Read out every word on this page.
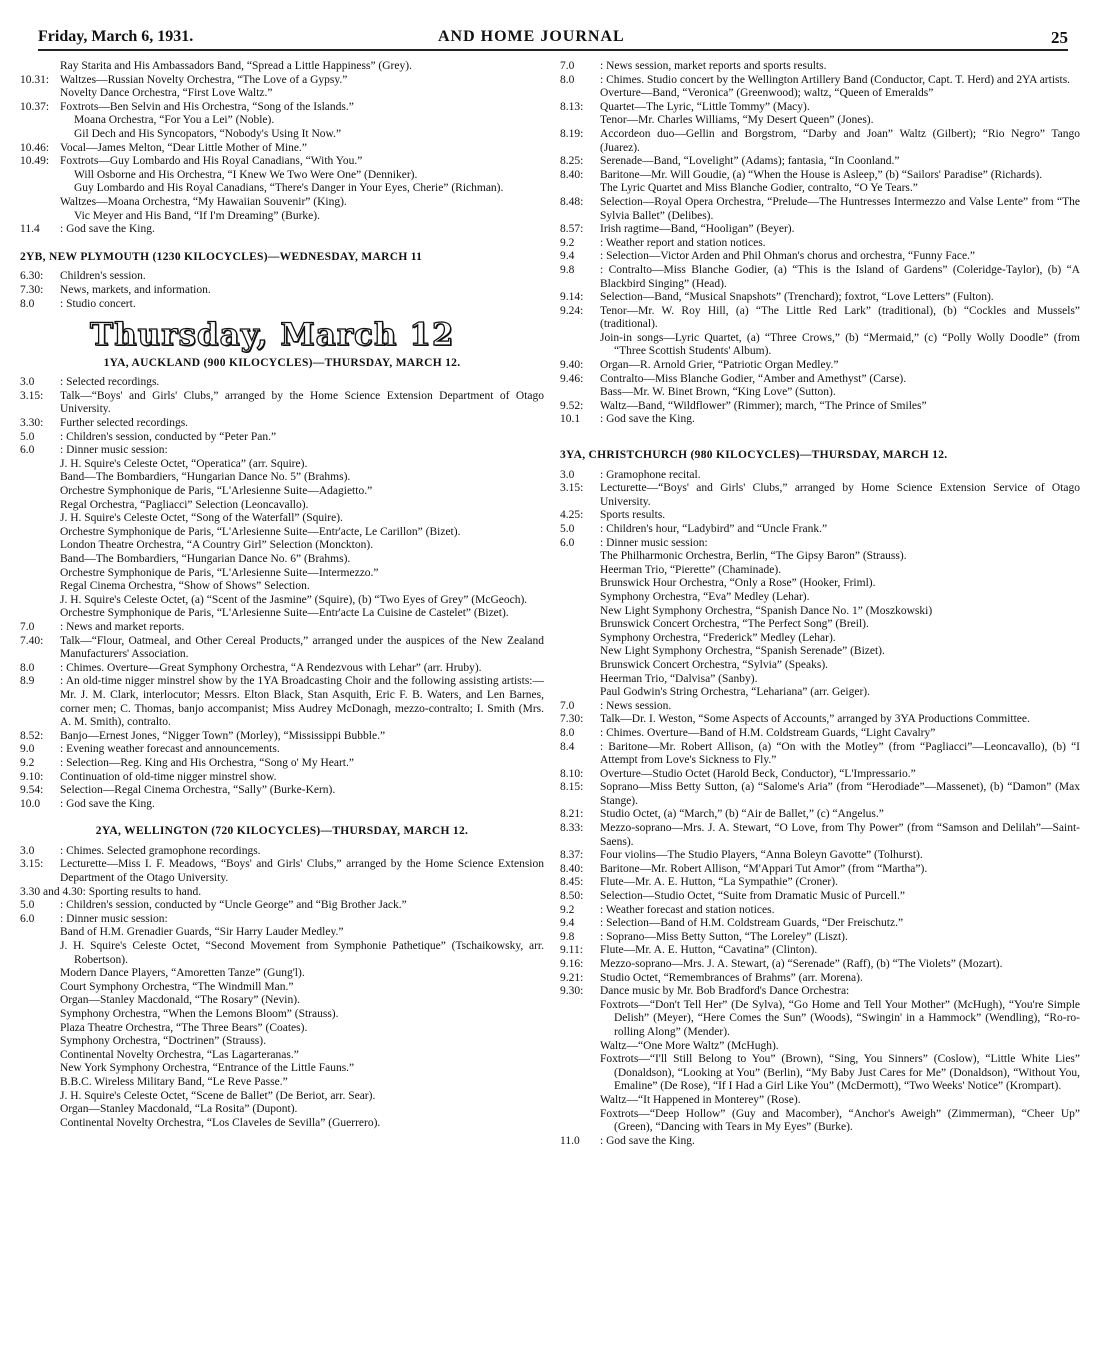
Friday, March 6, 1931.	AND HOME JOURNAL	25
Ray Starita and His Ambassadors Band, “Spread a Little Happiness” (Grey).
10.31: Waltzes—Russian Novelty Orchestra, “The Love of a Gypsy.”
Novelty Dance Orchestra, “First Love Waltz.”
10.37: Foxtrots—Ben Selvin and His Orchestra, “Song of the Islands.”
Moana Orchestra, “For You a Lei” (Noble).
Gil Dech and His Syncopators, “Nobody's Using It Now.”
10.46: Vocal—James Melton, “Dear Little Mother of Mine.”
10.49: Foxtrots—Guy Lombardo and His Royal Canadians, “With You.”
Will Osborne and His Orchestra, “I Knew We Two Were One” (Denniker).
Guy Lombardo and His Royal Canadians, “There's Danger in Your Eyes, Cherie” (Richman).
Waltzes—Moana Orchestra, “My Hawaiian Souvenir” (King).
Vic Meyer and His Band, “If I'm Dreaming” (Burke).
11.4	: God save the King.
2YB, NEW PLYMOUTH (1230 KILOCYCLES)—WEDNESDAY, MARCH 11
6.30:	Children's session.
7.30:	News, markets, and information.
8.0	: Studio concert.
Thursday, March 12
1YA, AUCKLAND (900 KILOCYCLES)—THURSDAY, MARCH 12.
3.0	: Selected recordings.
3.15:	Talk—“Boys' and Girls' Clubs,” arranged by the Home Science Extension Department of Otago University.
3.30:	Further selected recordings.
5.0	: Children's session, conducted by “Peter Pan.”
6.0	: Dinner music session:
J. H. Squire's Celeste Octet, “Operatica” (arr. Squire).
Band—The Bombardiers, “Hungarian Dance No. 5” (Brahms).
Orchestre Symphonique de Paris, “L'Arlesienne Suite—Adagietto.”
Regal Orchestra, “Pagliacci” Selection (Leoncavallo).
J. H. Squire's Celeste Octet, “Song of the Waterfall” (Squire).
Orchestre Symphonique de Paris, “L'Arlesienne Suite—Entr'acte, Le Carillon” (Bizet).
London Theatre Orchestra, “A Country Girl” Selection (Monckton).
Band—The Bombardiers, “Hungarian Dance No. 6” (Brahms).
Orchestre Symphonique de Paris, “L'Arlesienne Suite—Intermezzo.”
Regal Cinema Orchestra, “Show of Shows” Selection.
J. H. Squire's Celeste Octet, (a) “Scent of the Jasmine” (Squire), (b) “Two Eyes of Grey” (McGeoch).
Orchestre Symphonique de Paris, “L'Arlesienne Suite—Entr'acte La Cuisine de Castelet” (Bizet).
7.0	: News and market reports.
7.40:	Talk—“Flour, Oatmeal, and Other Cereal Products,” arranged under the auspices of the New Zealand Manufacturers' Association.
8.0	: Chimes. Overture—Great Symphony Orchestra, “A Rendezvous with Lehar” (arr. Hruby).
8.9	: An old-time nigger minstrel show by the 1YA Broadcasting Choir and the following assisting artists:—Mr. J. M. Clark, interlocutor; Messrs. Elton Black, Stan Asquith, Eric F. B. Waters, and Len Barnes, corner men; C. Thomas, banjo accompanist; Miss Audrey McDonagh, mezzo-contralto; I. Smith (Mrs. A. M. Smith), contralto.
8.52:	Banjo—Ernest Jones, “Nigger Town” (Morley), “Mississippi Bubble.”
9.0	: Evening weather forecast and announcements.
9.2	: Selection—Reg. King and His Orchestra, “Song o' My Heart.”
9.10:	Continuation of old-time nigger minstrel show.
9.54:	Selection—Regal Cinema Orchestra, “Sally” (Burke-Kern).
10.0	: God save the King.
2YA, WELLINGTON (720 KILOCYCLES)—THURSDAY, MARCH 12.
3.0	: Chimes. Selected gramophone recordings.
3.15:	Lecturette—Miss I. F. Meadows, “Boys' and Girls' Clubs,” arranged by the Home Science Extension Department of the Otago University.
3.30 and 4.30: Sporting results to hand.
5.0	: Children's session, conducted by “Uncle George” and “Big Brother Jack.”
6.0	: Dinner music session:
Band of H.M. Grenadier Guards, “Sir Harry Lauder Medley.”
J. H. Squire's Celeste Octet, “Second Movement from Symphonie Pathetique” (Tschaikowsky, arr. Robertson).
Modern Dance Players, “Amoretten Tanze” (Gung'l).
Court Symphony Orchestra, “The Windmill Man.”
Organ—Stanley Macdonald, “The Rosary” (Nevin).
Symphony Orchestra, “When the Lemons Bloom” (Strauss).
Plaza Theatre Orchestra, “The Three Bears” (Coates).
Symphony Orchestra, “Doctrinen” (Strauss).
Continental Novelty Orchestra, “Las Lagarteranas.”
New York Symphony Orchestra, “Entrance of the Little Fauns.”
B.B.C. Wireless Military Band, “Le Reve Passe.”
J. H. Squire's Celeste Octet, “Scene de Ballet” (De Beriot, arr. Sear).
Organ—Stanley Macdonald, “La Rosita” (Dupont).
Continental Novelty Orchestra, “Los Claveles de Sevilla” (Guerrero).
7.0	: News session, market reports and sports results.
8.0	: Chimes. Studio concert by the Wellington Artillery Band (Conductor, Capt. T. Herd) and 2YA artists.
Overture—Band, “Veronica” (Greenwood); waltz, “Queen of Emeralds”
8.13:	Quartet—The Lyric, “Little Tommy” (Macy).
Tenor—Mr. Charles Williams, “My Desert Queen” (Jones).
8.19:	Accordeon duo—Gellin and Borgstrom, “Darby and Joan” Waltz (Gilbert); “Rio Negro” Tango (Juarez).
8.25:	Serenade—Band, “Lovelight” (Adams); fantasia, “In Coonland.”
8.40:	Baritone—Mr. Will Goudie, (a) “When the House is Asleep,” (b) “Sailors' Paradise” (Richards).
The Lyric Quartet and Miss Blanche Godier, contralto, “O Ye Tears.”
8.48:	Selection—Royal Opera Orchestra, “Prelude—The Huntresses Intermezzo and Valse Lente” from “The Sylvia Ballet” (Delibes).
8.57:	Irish ragtime—Band, “Hooligan” (Beyer).
9.2	: Weather report and station notices.
9.4	: Selection—Victor Arden and Phil Ohman's chorus and orchestra, “Funny Face.”
9.8	: Contralto—Miss Blanche Godier, (a) “This is the Island of Gardens” (Coleridge-Taylor), (b) “A Blackbird Singing” (Head).
9.14:	Selection—Band, “Musical Snapshots” (Trenchard); foxtrot, “Love Letters” (Fulton).
9.24:	Tenor—Mr. W. Roy Hill, (a) “The Little Red Lark” (traditional), (b) “Cockles and Mussels” (traditional).
Join-in songs—Lyric Quartet, (a) “Three Crows,” (b) “Mermaid,” (c) “Polly Wolly Doodle” (from “Three Scottish Students' Album).
9.40:	Organ—R. Arnold Grier, “Patriotic Organ Medley.”
9.46:	Contralto—Miss Blanche Godier, “Amber and Amethyst” (Carse).
Bass—Mr. W. Binet Brown, “King Love” (Sutton).
9.52:	Waltz—Band, “Wildflower” (Rimmer); march, “The Prince of Smiles”
10.1	: God save the King.
3YA, CHRISTCHURCH (980 KILOCYCLES)—THURSDAY, MARCH 12.
3.0	: Gramophone recital.
3.15:	Lecturette—“Boys' and Girls' Clubs,” arranged by Home Science Extension Service of Otago University.
4.25:	Sports results.
5.0	: Children's hour, “Ladybird” and “Uncle Frank.”
6.0	: Dinner music session:
The Philharmonic Orchestra, Berlin, “The Gipsy Baron” (Strauss).
Heerman Trio, “Pierette” (Chaminade).
Brunswick Hour Orchestra, “Only a Rose” (Hooker, Friml).
Symphony Orchestra, “Eva” Medley (Lehar).
New Light Symphony Orchestra, “Spanish Dance No. 1” (Moszkowski)
Brunswick Concert Orchestra, “The Perfect Song” (Breil).
Symphony Orchestra, “Frederick” Medley (Lehar).
New Light Symphony Orchestra, “Spanish Serenade” (Bizet).
Brunswick Concert Orchestra, “Sylvia” (Speaks).
Heerman Trio, “Dalvisa” (Sanby).
Paul Godwin's String Orchestra, “Lehariana” (arr. Geiger).
7.0	: News session.
7.30:	Talk—Dr. I. Weston, “Some Aspects of Accounts,” arranged by 3YA Productions Committee.
8.0	: Chimes. Overture—Band of H.M. Coldstream Guards, “Light Cavalry”
8.4	: Baritone—Mr. Robert Allison, (a) “On with the Motley” (from “Pagliacci”—Leoncavallo), (b) “I Attempt from Love's Sickness to Fly.”
8.10:	Overture—Studio Octet (Harold Beck, Conductor), “L'Impressario.”
8.15:	Soprano—Miss Betty Sutton, (a) “Salome's Aria” (from “Herodiade”—Massenet), (b) “Damon” (Max Stange).
8.21:	Studio Octet, (a) “March,” (b) “Air de Ballet,” (c) “Angelus.”
8.33:	Mezzo-soprano—Mrs. J. A. Stewart, “O Love, from Thy Power” (from “Samson and Delilah”—Saint-Saens).
8.37:	Four violins—The Studio Players, “Anna Boleyn Gavotte” (Tolhurst).
8.40:	Baritone—Mr. Robert Allison, “M'Appari Tut Amor” (from “Martha”).
8.45:	Flute—Mr. A. E. Hutton, “La Sympathie” (Croner).
8.50:	Selection—Studio Octet, “Suite from Dramatic Music of Purcell.”
9.2	: Weather forecast and station notices.
9.4	: Selection—Band of H.M. Coldstream Guards, “Der Freischutz.”
9.8	: Soprano—Miss Betty Sutton, “The Loreley” (Liszt).
9.11:	Flute—Mr. A. E. Hutton, “Cavatina” (Clinton).
9.16:	Mezzo-soprano—Mrs. J. A. Stewart, (a) “Serenade” (Raff), (b) “The Violets” (Mozart).
9.21:	Studio Octet, “Remembrances of Brahms” (arr. Morena).
9.30:	Dance music by Mr. Bob Bradford's Dance Orchestra:
Foxtrots—“Don't Tell Her” (De Sylva), “Go Home and Tell Your Mother” (McHugh), “You're Simple Delish” (Meyer), “Here Comes the Sun” (Woods), “Swingin' in a Hammock” (Wendling), “Ro-ro-rolling Along” (Mender).
Waltz—“One More Waltz” (McHugh).
Foxtrots—“I'll Still Belong to You” (Brown), “Sing, You Sinners” (Coslow), “Little White Lies” (Donaldson), “Looking at You” (Berlin), “My Baby Just Cares for Me” (Donaldson), “Without You, Emaline” (De Rose), “If I Had a Girl Like You” (McDermott), “Two Weeks' Notice” (Krompart).
Waltz—“It Happened in Monterey” (Rose).
Foxtrots—“Deep Hollow” (Guy and Macomber), “Anchor's Aweigh” (Zimmerman), “Cheer Up” (Green), “Dancing with Tears in My Eyes” (Burke).
11.0	: God save the King.
